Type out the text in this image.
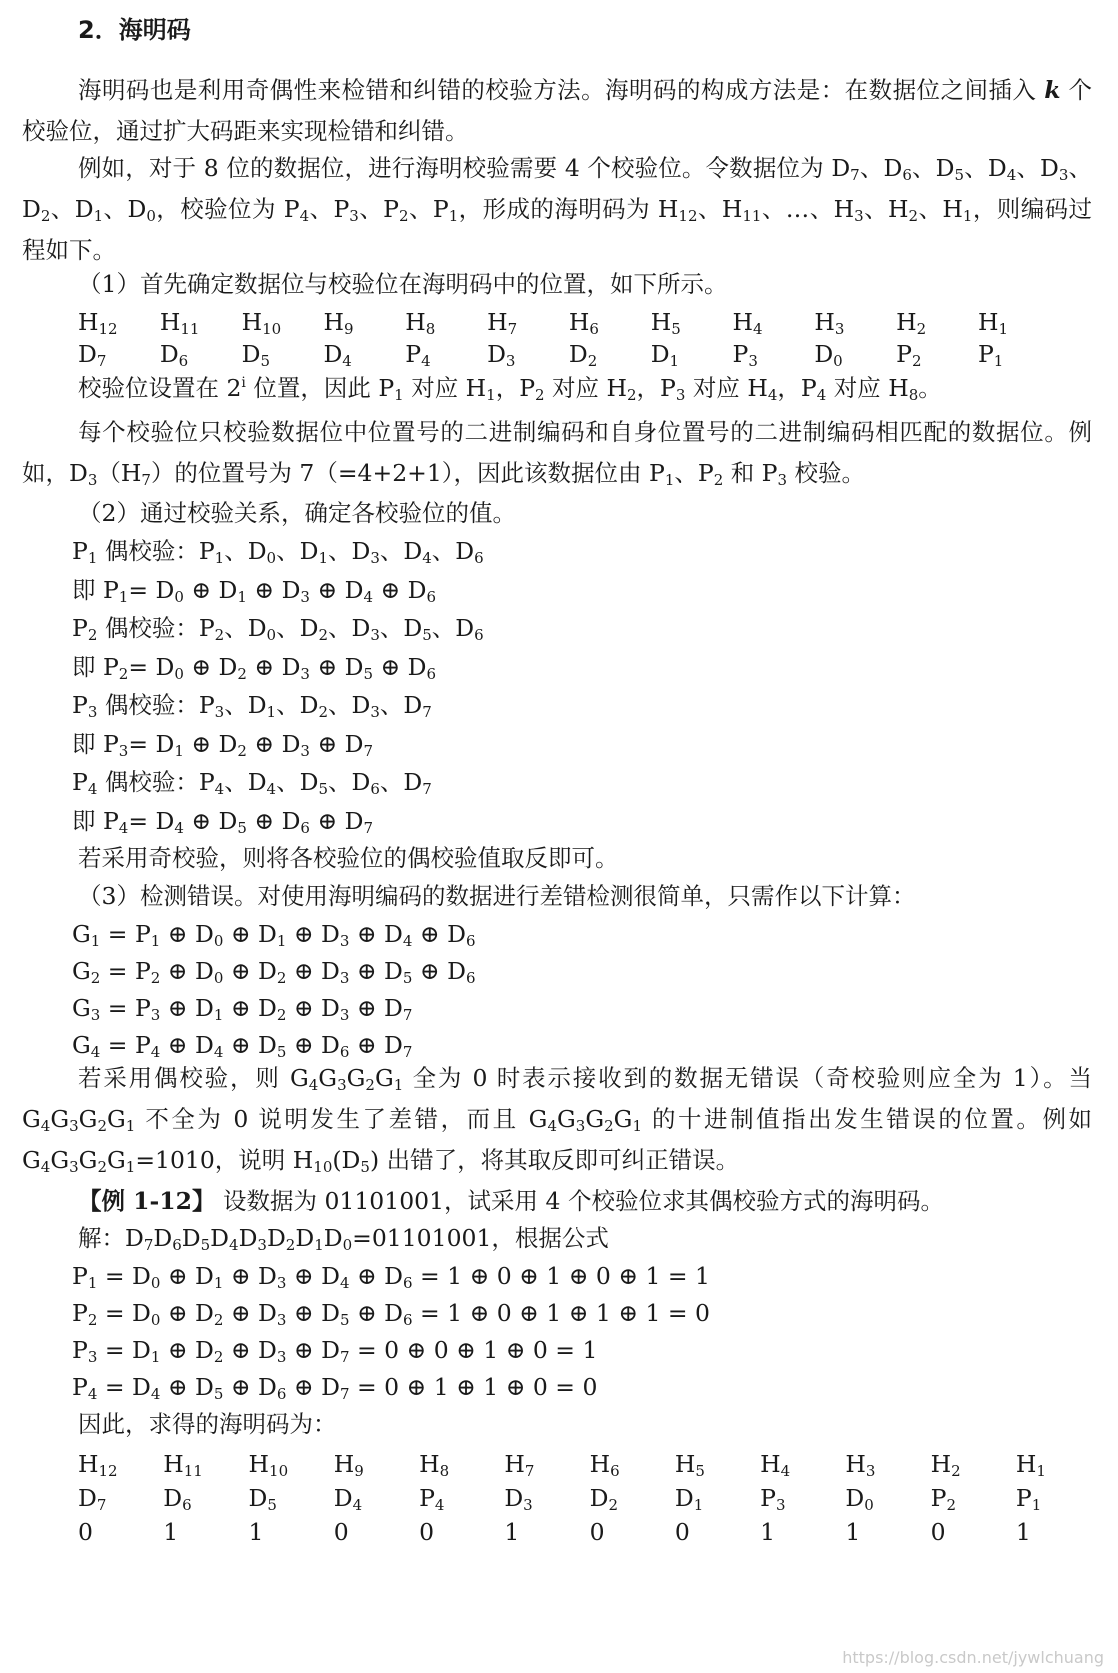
2．海明码
海明码也是利用奇偶性来检错和纠错的校验方法。海明码的构成方法是：在数据位之间插入 k 个校验位，通过扩大码距来实现检错和纠错。
例如，对于 8 位的数据位，进行海明校验需要 4 个校验位。令数据位为 $D_7$、$D_6$、$D_5$、$D_4$、$D_3$、$D_2$、$D_1$、$D_0$，校验位为 $P_4$、$P_3$、$P_2$、$P_1$，形成的海明码为 $H_{12}$、$H_{11}$、…、$H_3$、$H_2$、$H_1$，则编码过程如下。
（1）首先确定数据位与校验位在海明码中的位置，如下所示。
$H_{12}$	$H_{11}$	$H_{10}$	$H_9$	$H_8$	$H_7$	$H_6$	$H_5$	$H_4$	$H_3$	$H_2$	$H_1$
$D_7$	$D_6$	$D_5$	$D_4$	$P_4$	$D_3$	$D_2$	$D_1$	$P_3$	$D_0$	$P_2$	$P_1$
校验位设置在 2$^i$ 位置，因此 $P_1$ 对应 $H_1$，$P_2$ 对应 $H_2$，$P_3$ 对应 $H_4$，$P_4$ 对应 $H_8$。
每个校验位只校验数据位中位置号的二进制编码和自身位置号的二进制编码相匹配的数据位。例如，$D_3(H_7)$的位置号为 7（=4+2+1），因此该数据位由 $P_1$、$P_2$ 和 $P_3$ 校验。
（2）通过校验关系，确定各校验位的值。
$P_1$ 偶校验：$P_1$、$D_0$、$D_1$、$D_3$、$D_4$、$D_6$
即 $P_1= D_0$ ⊕ $D_1$ ⊕ $D_3$ ⊕ $D_4$ ⊕ $D_6$
$P_2$ 偶校验：$P_2$、$D_0$、$D_2$、$D_3$、$D_5$、$D_6$
即 $P_2= D_0$ ⊕ $D_2$ ⊕ $D_3$ ⊕ $D_5$ ⊕ $D_6$
$P_3$ 偶校验：$P_3$、$D_1$、$D_2$、$D_3$、$D_7$
即 $P_3= D_1$ ⊕ $D_2$ ⊕ $D_3$ ⊕ $D_7$
$P_4$ 偶校验：$P_4$、$D_4$、$D_5$、$D_6$、$D_7$
即 $P_4= D_4$ ⊕ $D_5$ ⊕ $D_6$ ⊕ $D_7$
若采用奇校验，则将各校验位的偶校验值取反即可。
（3）检测错误。对使用海明编码的数据进行差错检测很简单，只需作以下计算：
$G_1 = P_1$ ⊕ $D_0$ ⊕ $D_1$ ⊕ $D_3$ ⊕ $D_4$ ⊕ $D_6$
$G_2 = P_2$ ⊕ $D_0$ ⊕ $D_2$ ⊕ $D_3$ ⊕ $D_5$ ⊕ $D_6$
$G_3 = P_3$ ⊕ $D_1$ ⊕ $D_2$ ⊕ $D_3$ ⊕ $D_7$
$G_4 = P_4$ ⊕ $D_4$ ⊕ $D_5$ ⊕ $D_6$ ⊕ $D_7$
若采用偶校验，则 $G_4G_3G_2G_1$ 全为 0 时表示接收到的数据无错误（奇校验则应全为 1）。当 $G_4G_3G_2G_1$ 不全为 0 说明发生了差错，而且 $G_4G_3G_2G_1$ 的十进制值指出发生错误的位置。例如 $G_4G_3G_2G_1=1010$，说明 $H_{10}(D_5)$ 出错了，将其取反即可纠正错误。
【例 1-12】 设数据为 01101001，试采用 4 个校验位求其偶校验方式的海明码。
解：$D_7D_6D_5D_4D_3D_2D_1D_0=01101001$，根据公式
$P_1 = D_0$ ⊕ $D_1$ ⊕ $D_3$ ⊕ $D_4$ ⊕ $D_6 = 1$ ⊕ 0 ⊕ 1 ⊕ 0 ⊕ 1 = 1
$P_2 = D_0$ ⊕ $D_2$ ⊕ $D_3$ ⊕ $D_5$ ⊕ $D_6 = 1$ ⊕ 0 ⊕ 1 ⊕ 1 ⊕ 1 = 0
$P_3 = D_1$ ⊕ $D_2$ ⊕ $D_3$ ⊕ $D_7 = 0$ ⊕ 0 ⊕ 1 ⊕ 0 = 1
$P_4 = D_4$ ⊕ $D_5$ ⊕ $D_6$ ⊕ $D_7 = 0$ ⊕ 1 ⊕ 1 ⊕ 0 = 0
因此，求得的海明码为：
$H_{12}$	$H_{11}$	$H_{10}$	$H_9$	$H_8$	$H_7$	$H_6$	$H_5$	$H_4$	$H_3$	$H_2$	$H_1$
$D_7$	$D_6$	$D_5$	$D_4$	$P_4$	$D_3$	$D_2$	$D_1$	$P_3$	$D_0$	$P_2$	$P_1$
0	1	1	0	0	1	0	0	1	1	0	1
https://blog.csdn.net/jywlchuang
